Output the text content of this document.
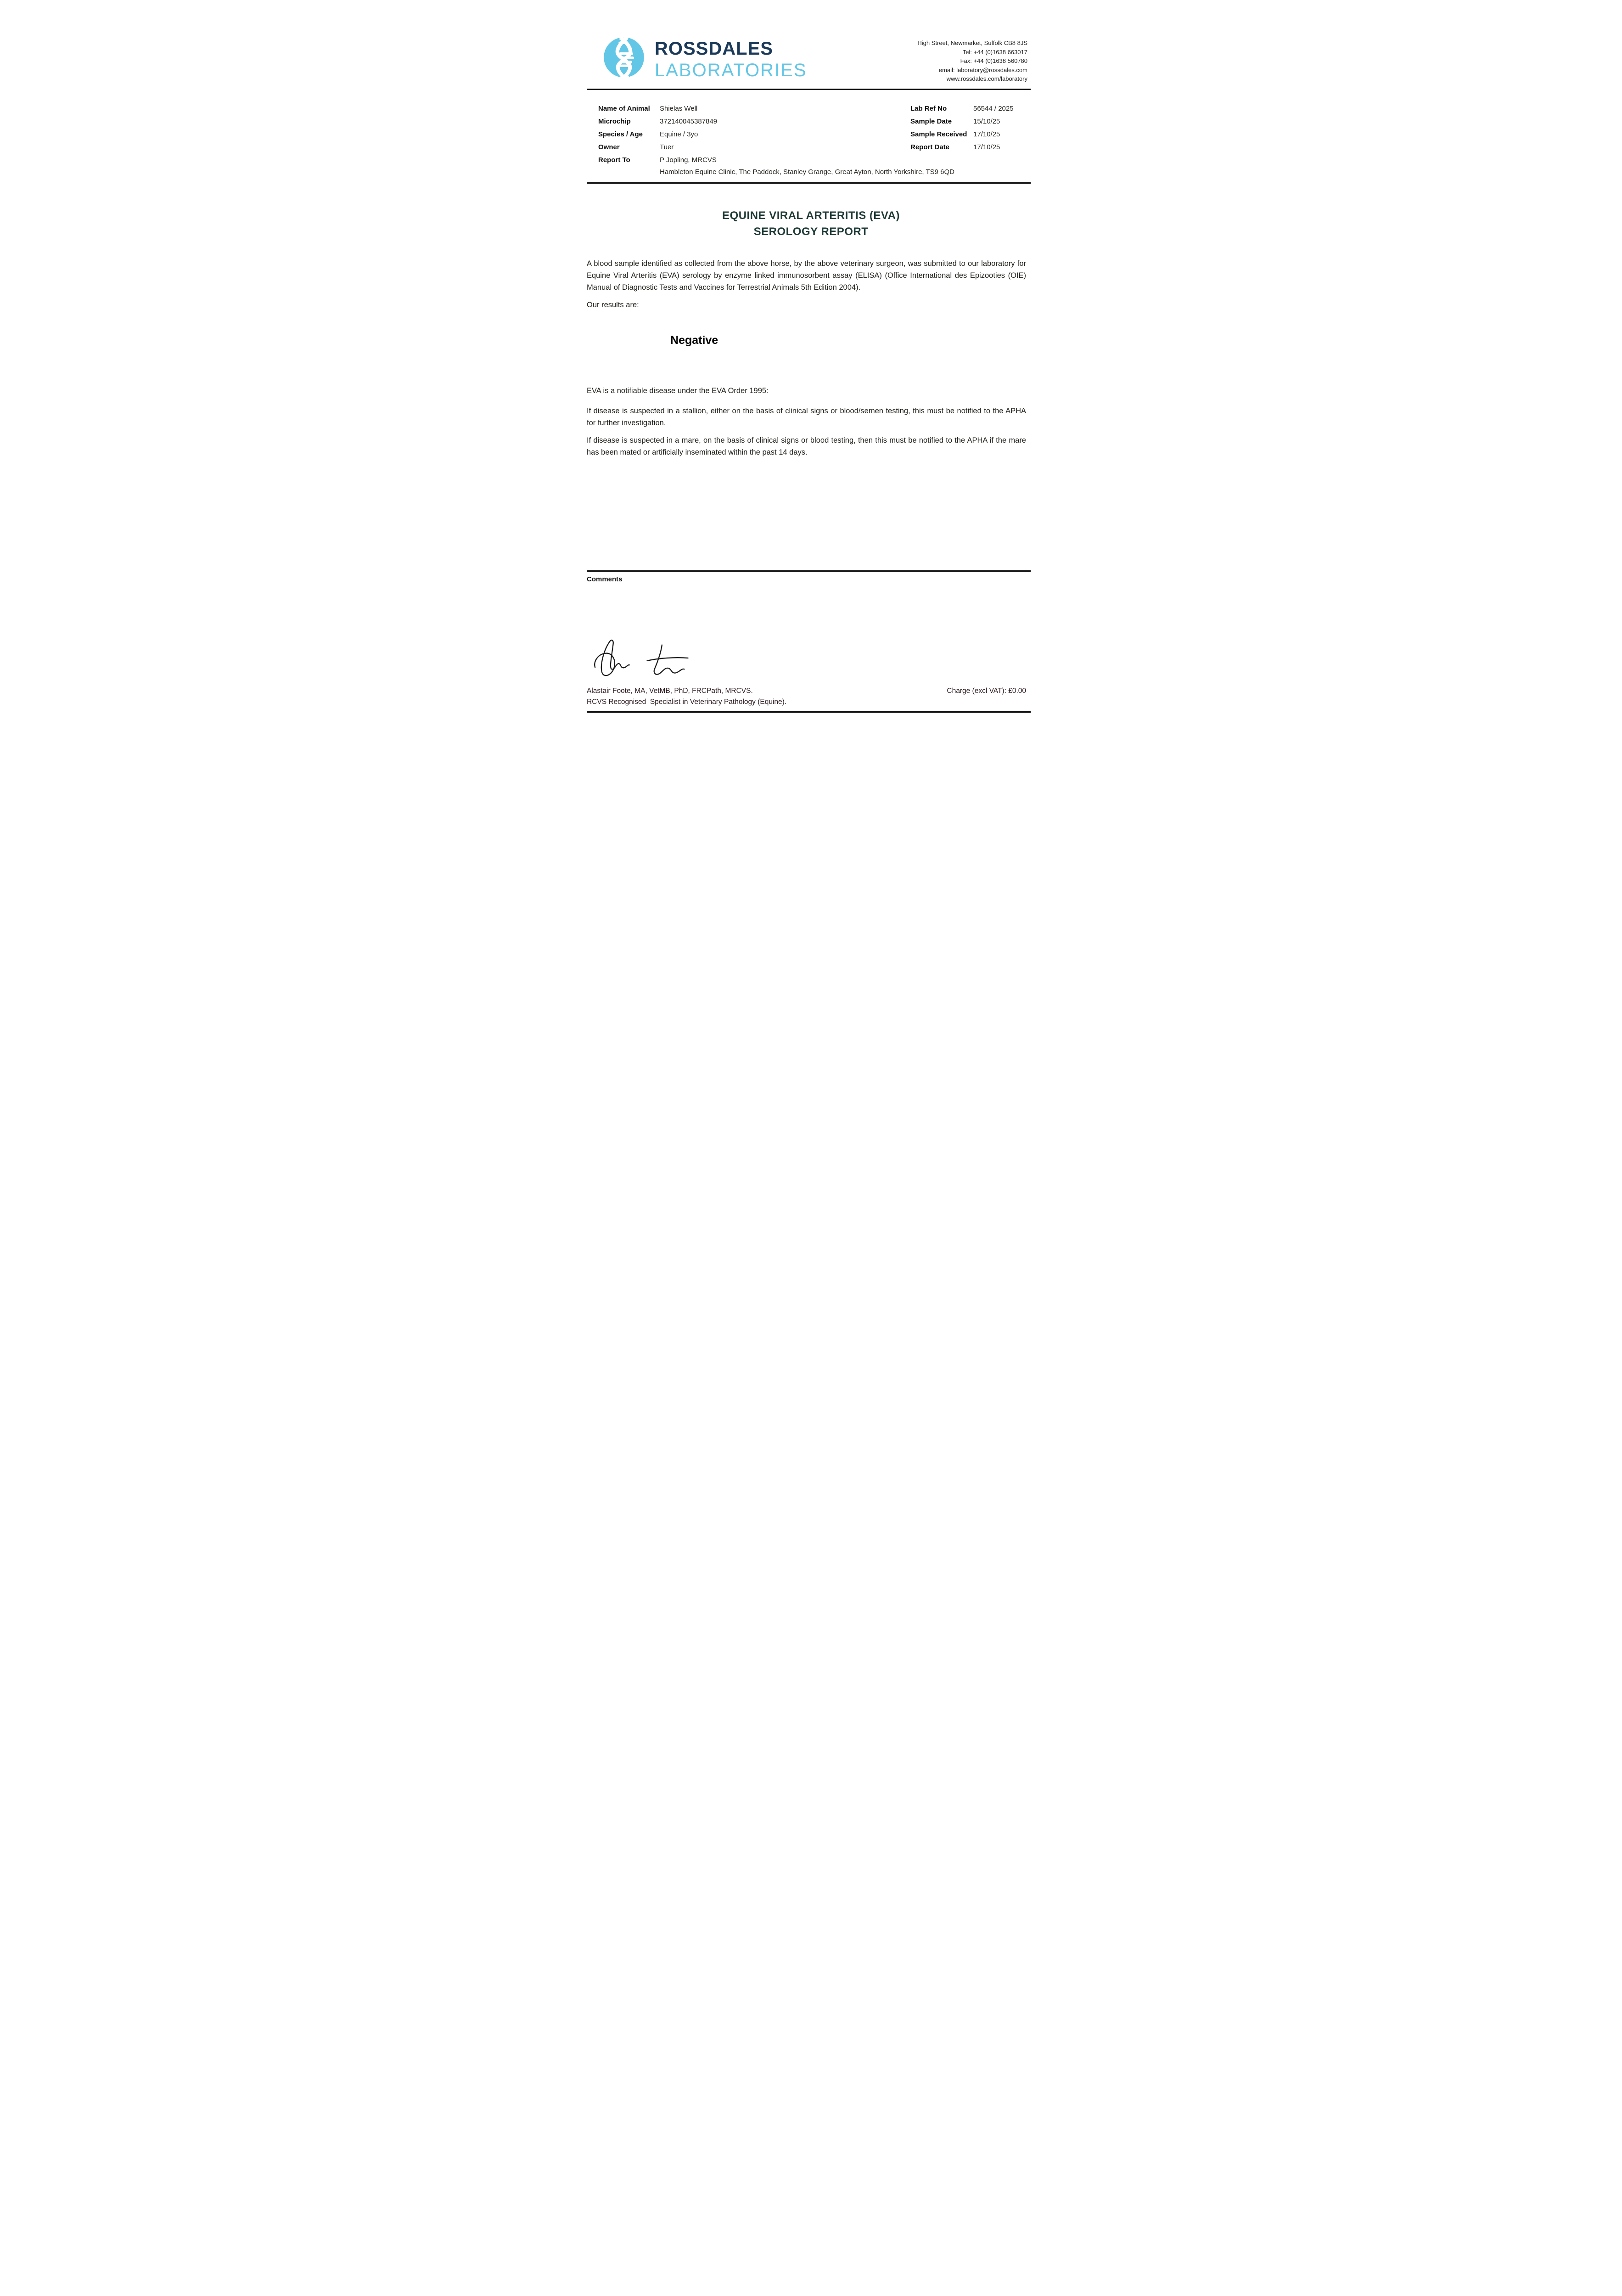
ROSSDALES
LABORATORIES
High Street, Newmarket, Suffolk CB8 8JS
Tel: +44 (0)1638 663017
Fax: +44 (0)1638 560780
email: laboratory@rossdales.com
www.rossdales.com/laboratory
Name of Animal Shielas Well	Lab Ref No	56544 / 2025
Microchip	372140045387849	Sample Date	15/10/25
Species / Age Equine / 3yo	Sample Received 17/10/25
Owner	Tuer	Report Date	17/10/25
Report To	P Jopling, MRCVS
Hambleton Equine Clinic, The Paddock, Stanley Grange, Great Ayton, North Yorkshire, TS9 6QD
EQUINE VIRAL ARTERITIS (EVA)
SEROLOGY REPORT
A blood sample identified as collected from the above horse, by the above veterinary surgeon, was submitted to our laboratory for Equine Viral Arteritis (EVA) serology by enzyme linked immunosorbent assay (ELISA) (Office International des Epizooties (OIE) Manual of Diagnostic Tests and Vaccines for Terrestrial Animals 5th Edition 2004).
Our results are:
Negative
EVA is a notifiable disease under the EVA Order 1995:
If disease is suspected in a stallion, either on the basis of clinical signs or blood/semen testing, this must be notified to the APHA for further investigation.
If disease is suspected in a mare, on the basis of clinical signs or blood testing, then this must be notified to the APHA if the mare has been mated or artificially inseminated within the past 14 days.
Comments
Alastair Foote, MA, VetMB, PhD, FRCPath, MRCVS.	Charge (excl VAT): £0.00
RCVS Recognised  Specialist in Veterinary Pathology (Equine).
